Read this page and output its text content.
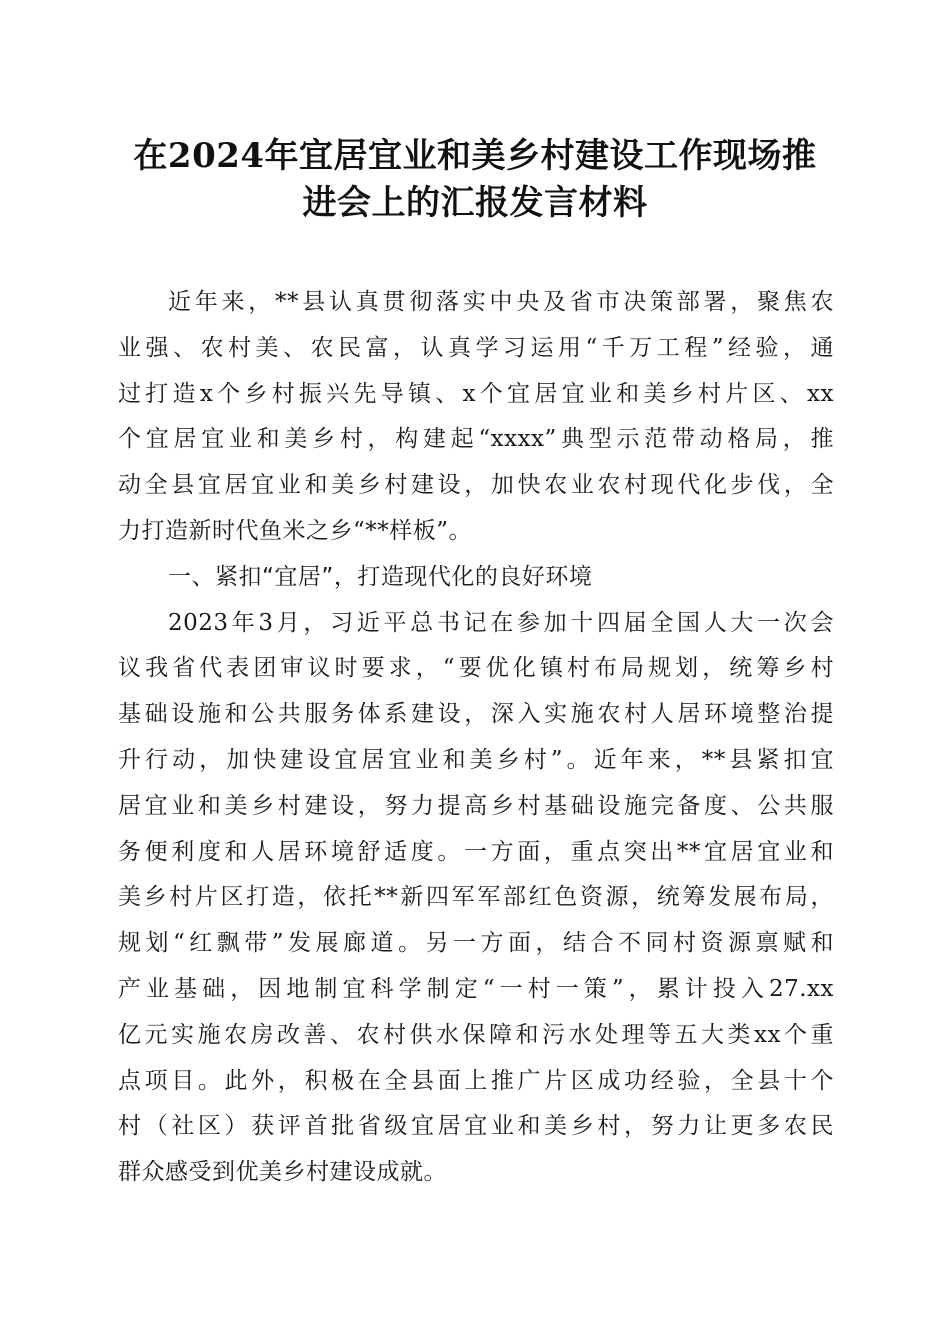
在2024年宜居宜业和美乡村建设工作现场推
进会上的汇报发言材料
近年来，**县认真贯彻落实中央及省市决策部署，聚焦农
业强、农村美、农民富，认真学习运用“千万工程”经验，通
过打造x个乡村振兴先导镇、x个宜居宜业和美乡村片区、xx
个宜居宜业和美乡村，构建起“xxxx”典型示范带动格局，推
动全县宜居宜业和美乡村建设，加快农业农村现代化步伐，全
力打造新时代鱼米之乡“**样板”。
一、紧扣“宜居”，打造现代化的良好环境
2023年3月，习近平总书记在参加十四届全国人大一次会
议我省代表团审议时要求，“要优化镇村布局规划，统筹乡村
基础设施和公共服务体系建设，深入实施农村人居环境整治提
升行动，加快建设宜居宜业和美乡村”。近年来，**县紧扣宜
居宜业和美乡村建设，努力提高乡村基础设施完备度、公共服
务便利度和人居环境舒适度。一方面，重点突出**宜居宜业和
美乡村片区打造，依托**新四军军部红色资源，统筹发展布局，
规划“红飘带”发展廊道。另一方面，结合不同村资源禀赋和
产业基础，因地制宜科学制定“一村一策”，累计投入27.xx
亿元实施农房改善、农村供水保障和污水处理等五大类xx个重
点项目。此外，积极在全县面上推广片区成功经验，全县十个
村（社区）获评首批省级宜居宜业和美乡村，努力让更多农民
群众感受到优美乡村建设成就。
